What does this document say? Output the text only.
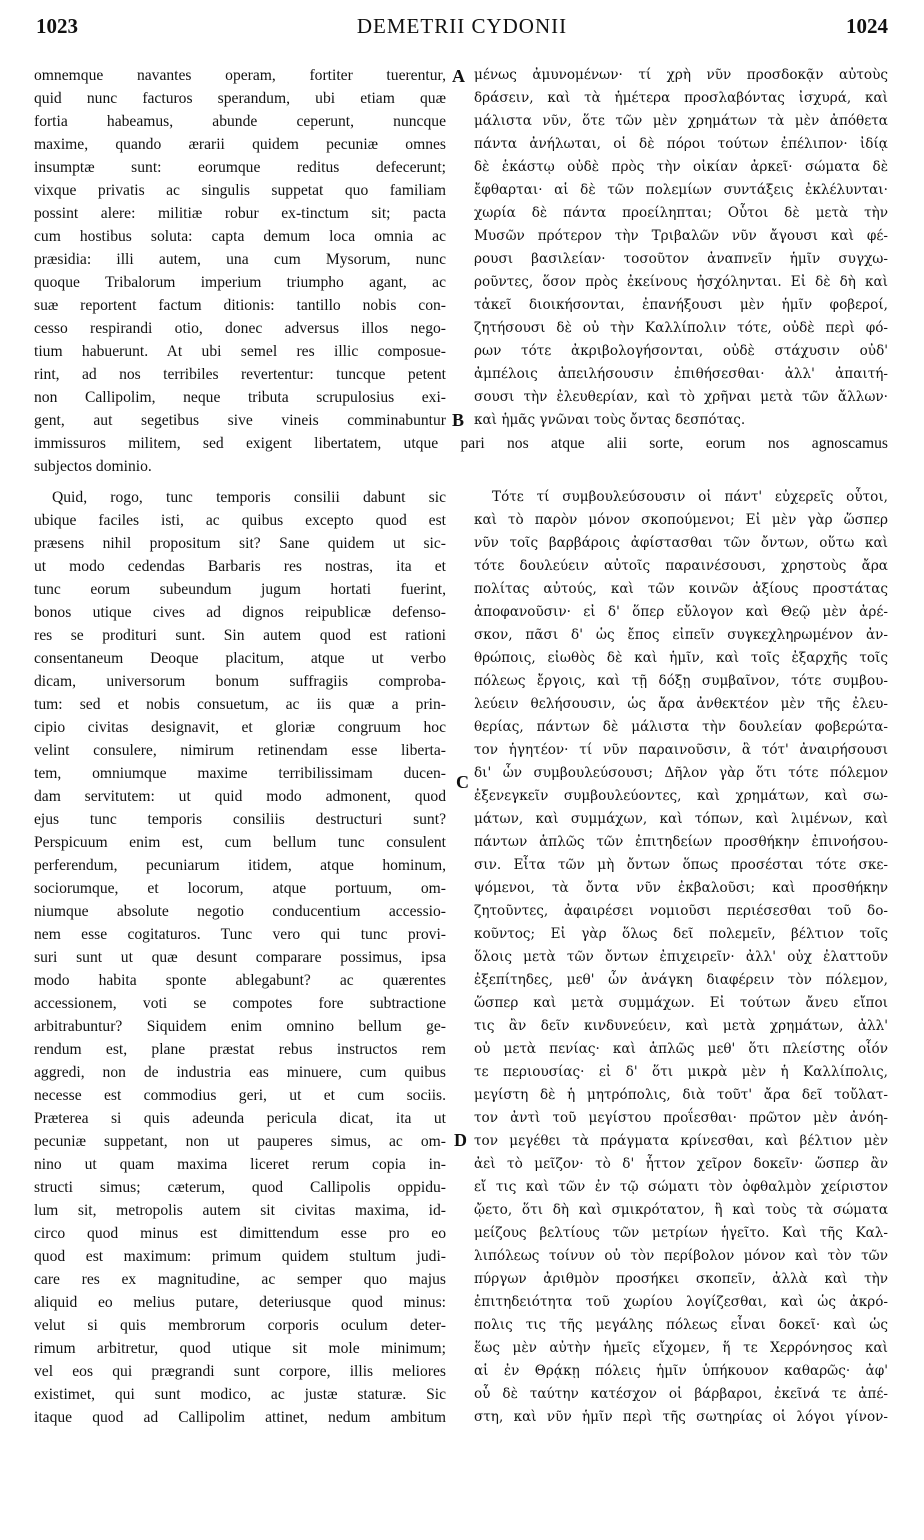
1023	DEMETRII CYDONII	1024
omnemque navantes operam, fortiter tuerentur,
quid nunc facturos sperandum, ubi etiam quæ
fortia habeamus, abunde ceperunt, nuncque
maxime, quando ærarii quidem pecuniæ omnes
insumptæ sunt: eorumque reditus defecerunt;
vixque privatis ac singulis suppetat quo familiam
possint alere: militiæ robur ex-tinctum sit; pacta
cum hostibus soluta: capta demum loca omnia ac
præsidia: illi autem, una cum Mysorum, nunc
quoque Tribalorum imperium triumpho agant, ac
suæ reportent factum ditionis: tantillo nobis con-
cesso respirandi otio, donec adversus illos nego-
tium habuerunt. At ubi semel res illic composue-
rint, ad nos terribiles revertentur: tuncque petent
non Callipolim, neque tributa scrupulosius exi-
gent, aut segetibus sive vineis comminabuntur
μένως ἀμυνομένων· τί χρὴ νῦν προσδοκᾷν αὐτοὺς
δράσειν, καὶ τὰ ἡμέτερα προσλαβόντας ἰσχυρά, καὶ
μάλιστα νῦν, ὅτε τῶν μὲν χρημάτων τὰ μὲν ἀπόθετα
πάντα ἀνήλωται, οἱ δὲ πόροι τούτων ἐπέλιπον· ἰδίᾳ
δὲ ἑκάστῳ οὐδὲ πρὸς τὴν οἰκίαν ἀρκεῖ· σώματα δὲ
ἔφθαρται· αἱ δὲ τῶν πολεμίων συντάξεις ἐκλέλυνται·
χωρία δὲ πάντα προείληπται; Οὗτοι δὲ μετὰ τὴν
Μυσῶν πρότερον τὴν Τριβαλῶν νῦν ἄγουσι καὶ φέ-
ρουσι βασιλείαν· τοσοῦτον ἀναπνεῖν ἡμῖν συγχω-
ροῦντες, ὅσον πρὸς ἐκείνους ἠσχόληνται. Εἰ δὲ δὴ καὶ
τἀκεῖ διοικήσονται, ἐπανήξουσι μὲν ἡμῖν φοβεροί,
ζητήσουσι δὲ οὐ τὴν Καλλίπολιν τότε, οὐδὲ περὶ φό-
ρων τότε ἀκριβολογήσονται, οὐδὲ στάχυσιν οὐδ'
ἀμπέλοις ἀπειλήσουσιν ἐπιθήσεσθαι· ἀλλ' ἀπαιτή-
σουσι τὴν ἐλευθερίαν, καὶ τὸ χρῆναι μετὰ τῶν ἄλλων·
καὶ ἡμᾶς γνῶναι τοὺς ὄντας δεσπότας.
immissuros militem, sed exigent libertatem, utque pari nos atque alii sorte, eorum nos agnoscamus
subjectos dominio.
Quid, rogo, tunc temporis consilii dabunt sic
ubique faciles isti, ac quibus excepto quod est
præsens nihil propositum sit? Sane quidem ut sic-
ut modo cedendas Barbaris res nostras, ita et
tunc eorum subeundum jugum hortati fuerint,
bonos utique cives ad dignos reipublicæ defenso-
res se prodituri sunt. Sin autem quod est rationi
consentaneum Deoque placitum, atque ut verbo
dicam, universorum bonum suffragiis comproba-
tum: sed et nobis consuetum, ac iis quæ a prin-
cipio civitas designavit, et gloriæ congruum hoc
velint consulere, nimirum retinendam esse liberta-
tem, omniumque maxime terribilissimam ducen-
dam servitutem: ut quid modo admonent, quod
ejus tunc temporis consiliis destructuri sunt?
Perspicuum enim est, cum bellum tunc consulent
perferendum, pecuniarum itidem, atque hominum,
sociorumque, et locorum, atque portuum, om-
niumque absolute negotio conducentium accessio-
nem esse cogitaturos. Tunc vero qui tunc provi-
suri sunt ut quæ desunt comparare possimus, ipsa
modo habita sponte ablegabunt? ac quærentes
accessionem, voti se compotes fore subtractione
arbitrabuntur? Siquidem enim omnino bellum ge-
rendum est, plane præstat rebus instructos rem
aggredi, non de industria eas minuere, cum quibus
necesse est commodius geri, ut et cum sociis.
Præterea si quis adeunda pericula dicat, ita ut
pecuniæ suppetant, non ut pauperes simus, ac om-
nino ut quam maxima liceret rerum copia in-
structi simus; cæterum, quod Callipolis oppidu-
lum sit, metropolis autem sit civitas maxima, id-
circo quod minus est dimittendum esse pro eo
quod est maximum: primum quidem stultum judi-
care res ex magnitudine, ac semper quo majus
aliquid eo melius putare, deteriusque quod minus:
velut si quis membrorum corporis oculum deter-
rimum arbitretur, quod utique sit mole minimum;
vel eos qui prægrandi sunt corpore, illis meliores
existimet, qui sunt modico, ac justæ staturæ. Sic
itaque quod ad Callipolim attinet, nedum ambitum
Τότε τί συμβουλεύσουσιν οἱ πάντ' εὐχερεῖς οὗτοι,
καὶ τὸ παρὸν μόνον σκοπούμενοι; Εἰ μὲν γὰρ ὥσπερ
νῦν τοῖς βαρβάροις ἀφίστασθαι τῶν ὄντων, οὕτω καὶ
τότε δουλεύειν αὐτοῖς παραινέσουσι, χρηστοὺς ἄρα
πολίτας αὐτούς, καὶ τῶν κοινῶν ἀξίους προστάτας
ἀποφανοῦσιν· εἰ δ' ὅπερ εὔλογον καὶ Θεῷ μὲν ἀρέ-
σκον, πᾶσι δ' ὡς ἔπος εἰπεῖν συγκεχληρωμένον ἀν-
θρώποις, εἰωθὸς δὲ καὶ ἡμῖν, καὶ τοῖς ἐξαρχῆς τοῖς
πόλεως ἔργοις, καὶ τῇ δόξῃ συμβαῖνον, τότε συμβου-
λεύειν θελήσουσιν, ὡς ἄρα ἀνθεκτέον μὲν τῆς ἐλευ-
θερίας, πάντων δὲ μάλιστα τὴν δουλείαν φοβερώτα-
τον ἡγητέον· τί νῦν παραινοῦσιν, ἃ τότ' ἀναιρήσουσι
δι' ὧν συμβουλεύσουσι; Δῆλον γὰρ ὅτι τότε πόλεμον
ἐξενεγκεῖν συμβουλεύοντες, καὶ χρημάτων, καὶ σω-
μάτων, καὶ συμμάχων, καὶ τόπων, καὶ λιμένων, καὶ
πάντων ἁπλῶς τῶν ἐπιτηδείων προσθήκην ἐπινοήσου-
σιν. Εἶτα τῶν μὴ ὄντων ὅπως προσέσται τότε σκε-
ψόμενοι, τὰ ὄντα νῦν ἐκβαλοῦσι; καὶ προσθήκην
ζητοῦντες, ἀφαιρέσει νομιοῦσι περιέσεσθαι τοῦ δο-
κοῦντος; Εἰ γὰρ ὅλως δεῖ πολεμεῖν, βέλτιον τοῖς
ὅλοις μετὰ τῶν ὄντων ἐπιχειρεῖν· ἀλλ' οὐχ ἐλαττοῦν
ἐξεπίτηδες, μεθ' ὧν ἀνάγκη διαφέρειν τὸν πόλεμον,
ὥσπερ καὶ μετὰ συμμάχων. Εἰ τούτων ἄνευ εἴποι
τις ἂν δεῖν κινδυνεύειν, καὶ μετὰ χρημάτων, ἀλλ'
οὐ μετὰ πενίας· καὶ ἁπλῶς μεθ' ὅτι πλείστης οἷόν
τε περιουσίας· εἰ δ' ὅτι μικρὰ μὲν ἡ Καλλίπολις,
μεγίστη δὲ ἡ μητρόπολις, διὰ τοῦτ' ἄρα δεῖ τοὔλατ-
τον ἀντὶ τοῦ μεγίστου προΐεσθαι· πρῶτον μὲν ἀνόη-
τον μεγέθει τὰ πράγματα κρίνεσθαι, καὶ βέλτιον μὲν
ἀεὶ τὸ μεῖζον· τὸ δ' ἧττον χεῖρον δοκεῖν· ὥσπερ ἂν
εἴ τις καὶ τῶν ἐν τῷ σώματι τὸν ὀφθαλμὸν χείριστον
ᾤετο, ὅτι δὴ καὶ σμικρότατον, ἢ καὶ τοὺς τὰ σώματα
μείζους βελτίους τῶν μετρίων ἡγεῖτο. Καὶ τῆς Καλ-
λιπόλεως τοίνυν οὐ τὸν περίβολον μόνον καὶ τὸν τῶν
πύργων ἀριθμὸν προσήκει σκοπεῖν, ἀλλὰ καὶ τὴν
ἐπιτηδειότητα τοῦ χωρίου λογίζεσθαι, καὶ ὡς ἀκρό-
πολις τις τῆς μεγάλης πόλεως εἶναι δοκεῖ· καὶ ὡς
ἕως μὲν αὐτὴν ἡμεῖς εἴχομεν, ἥ τε Χερρόνησος καὶ
αἱ ἐν Θρᾴκῃ πόλεις ἡμῖν ὑπήκουον καθαρῶς· ἀφ'
οὗ δὲ ταύτην κατέσχον οἱ βάρβαροι, ἐκεῖνά τε ἀπέ-
στη, καὶ νῦν ἡμῖν περὶ τῆς σωτηρίας οἱ λόγοι γίνον-
A
B
C
D
